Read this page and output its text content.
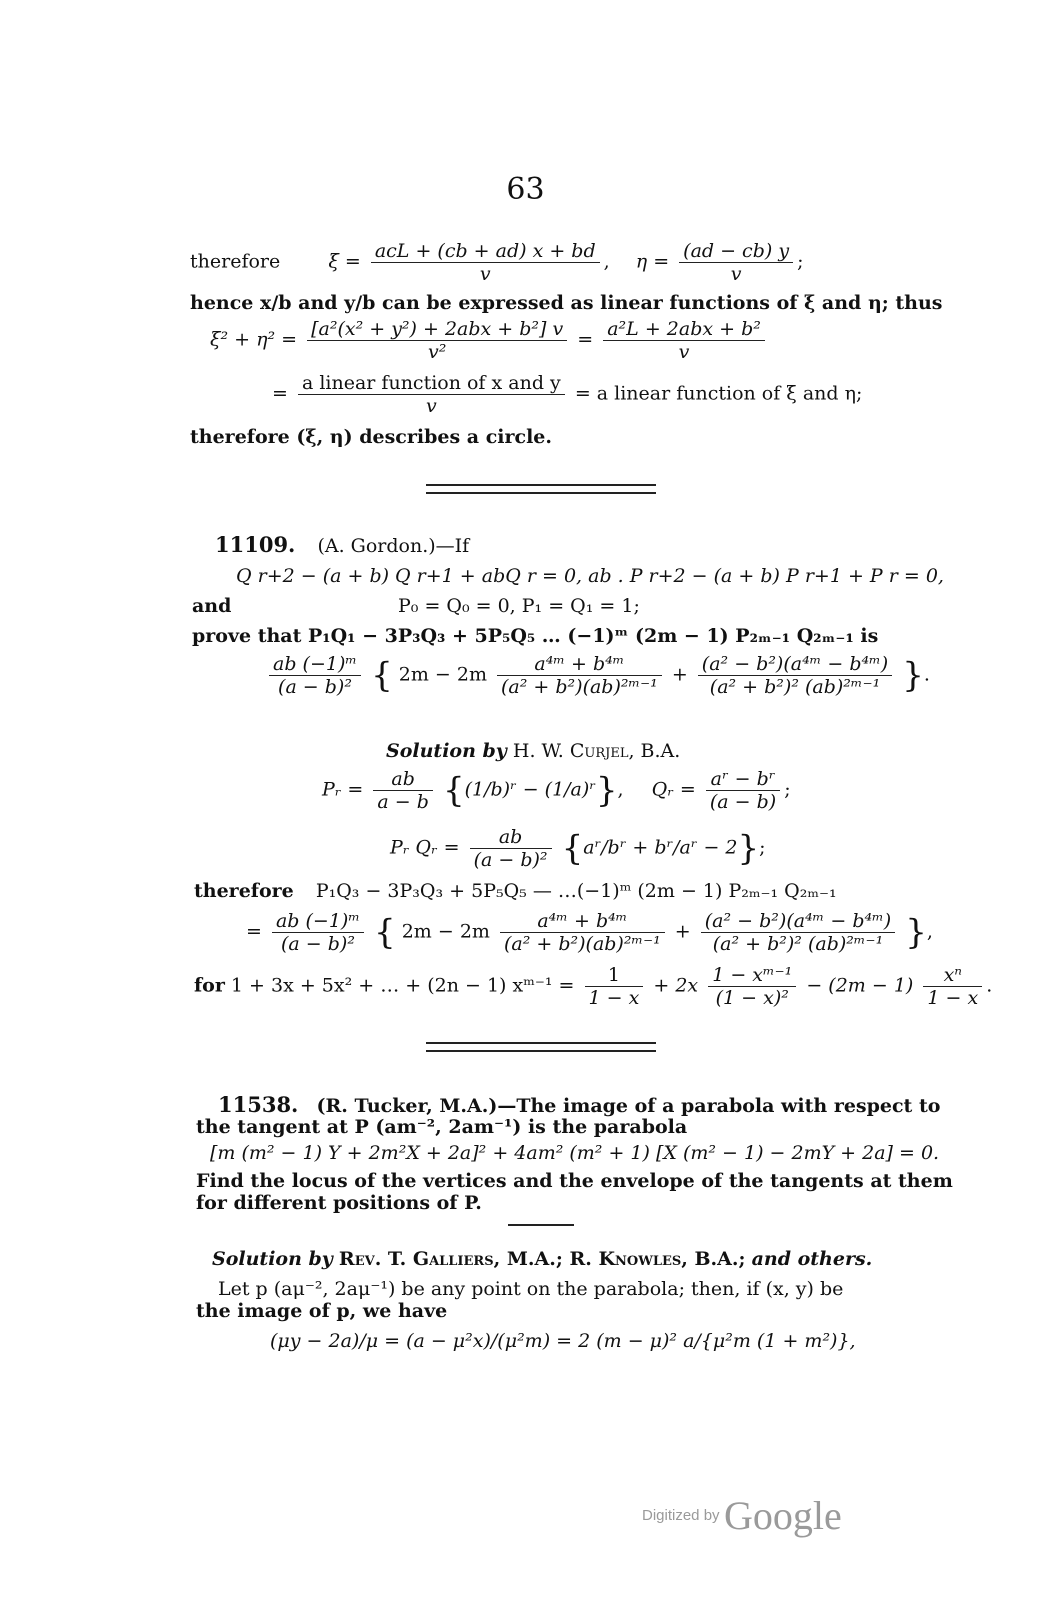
63
therefore	$\xi = \frac{\text{acL + (cb + ad) x + bd}}{v}$ ,  $\eta = \frac{(ad - cb) y}{v}$ ;
hence x/b and y/b can be expressed as linear functions of ξ and η; thus
$\xi^2 + \eta^2 = \frac{\text{[a²(x² + y²) + 2abx + b²] v}}{\text{v²}} = \frac{\text{a²L + 2abx + b²}}{v}$
= $\frac{\text{a linear function of x and y}}{v} = a$ linear function of ξ and η;
therefore (ξ, η) describes a circle.
11109. (A. Gordon.)—If
Q r+2 − (a + b) Q r+1 + abQ r = 0, ab . P r+2 − (a + b) P r+1 + P r = 0,
and	P₀ = Q₀ = 0, P₁ = Q₁ = 1;
prove that P₁Q₁ − 3P₃Q₃ + 5P₅Q₅ … (−1)ᵐ (2m − 1) P₂ₘ₋₁ Q₂ₘ₋₁ is
$\frac{\text{ab (−1)ᵐ}}{\text{(a − b)²}}$ { $2m - 2m \frac{\text{a⁴ᵐ + b⁴ᵐ}}{\text{(a² + b²)(ab)²ᵐ⁻¹}} + \frac{\text{(a² − b²)(a⁴ᵐ − b⁴ᵐ)}}{\text{(a² + b²)² (ab)²ᵐ⁻¹}}$ }.
Solution by H. W. Curjel, B.A.
Pᵣ = $\frac{ab}{a - b}$ {(1/b)ʳ − (1/a)ʳ},  Qᵣ = $\frac{\text{aʳ − bʳ}}{(a - b)}$ ;
Pᵣ Qᵣ = $\frac{ab}{\text{(a − b)²}}$ {aʳ/bʳ + bʳ/aʳ − 2};
therefore P₁Q₃ − 3P₃Q₃ + 5P₅Q₅ — …(−1)ᵐ (2m − 1) P₂ₘ₋₁ Q₂ₘ₋₁
= $\frac{\text{ab (−1)ᵐ}}{\text{(a − b)²}}$ { $2m - 2m \frac{\text{a⁴ᵐ + b⁴ᵐ}}{\text{(a² + b²)(ab)²ᵐ⁻¹}} + \frac{\text{(a² − b²)(a⁴ᵐ − b⁴ᵐ)}}{\text{(a² + b²)² (ab)²ᵐ⁻¹}}$ },
for 1 + 3x + 5x² + … + (2n − 1) xᵐ⁻¹ = $\frac{1}{1 - x} + 2x \frac{\text{1 − xᵐ⁻¹}}{\text{(1 − x)²}} - (2m - 1) \frac{\text{xⁿ}}{1 - x}$ .
11538. (R. Tucker, M.A.)—The image of a parabola with respect to
the tangent at P (am⁻², 2am⁻¹) is the parabola
[m (m² − 1) Y + 2m²X + 2a]² + 4am² (m² + 1) [X (m² − 1) − 2mY + 2a] = 0.
Find the locus of the vertices and the envelope of the tangents at them
for different positions of P.
Solution by Rev. T. Galliers, M.A.; R. Knowles, B.A.; and others.
Let p (aμ⁻², 2aμ⁻¹) be any point on the parabola; then, if (x, y) be
the image of p, we have
(μy − 2a)/μ = (a − μ²x)/(μ²m) = 2 (m − μ)² a/{μ²m (1 + m²)},
Digitized by Google
